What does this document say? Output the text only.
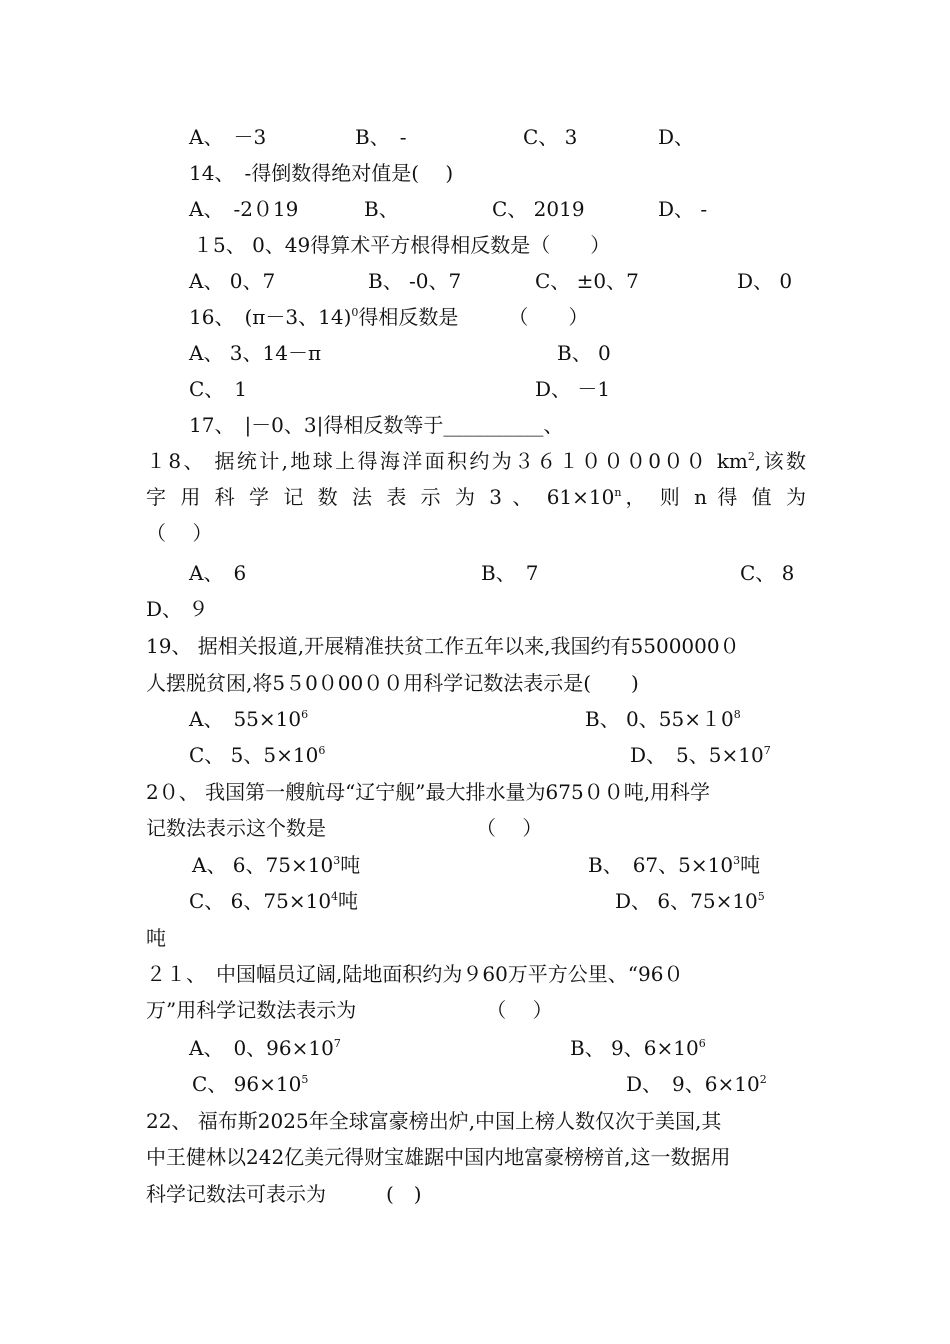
A、　－3	B、　-	C、 3	D、
14、　-得倒数得绝对值是(　 )
A、　-2０19	B、	C、 2019	D、 -
１5、 0、49得算术平方根得相反数是（　　）
A、 0、7	B、 -0、7	C、 ±0、7	D、 0
16、　(π－3、14)$^0$得相反数是　　　（　　）
A、 3、14－π	B、 0
C、　1	D、 －1
17、　|－0、3|得相反数等于__________、
１8、 据统计,地球上得海洋面积约为３６１０００0００ $km^2$,该数
字 用 科 学 记 数 法 表 示 为 3 、 $61\times 10^n$， 则 n 得 值 为
（　 ）
A、　6	B、　7	C、 8
D、 ９
19、 据相关报道,开展精准扶贫工作五年以来,我国约有5500000０
人摆脱贫困,将5５0０00００用科学记数法表示是(　　)
A、　$55\times 10^6$	B、 0、$55\times 10^8$
C、 5、$5\times 10^6$	D、　5、$5\times 10^7$
2０、 我国第一艘航母“辽宁舰”最大排水量为675００吨,用科学
记数法表示这个数是　　　　　　　　（　 ）
A、 6、$75\times 10^3$吨	B、　67、$5\times 10^3$吨
C、 6、$75\times 10^4$吨	D、 6、$75\times 10^5$
吨
２１、　中国幅员辽阔,陆地面积约为９60万平方公里、“96０
万”用科学记数法表示为　　　　　　　（　 ）
A、　0、$96\times 10^7$	B、 9、$6\times 10^6$
C、 $96\times 10^5$	D、　9、$6\times 10^2$
22、 福布斯2025年全球富豪榜出炉,中国上榜人数仅次于美国,其
中王健林以242亿美元得财宝雄踞中国内地富豪榜榜首,这一数据用
科学记数法可表示为　　　(　)
